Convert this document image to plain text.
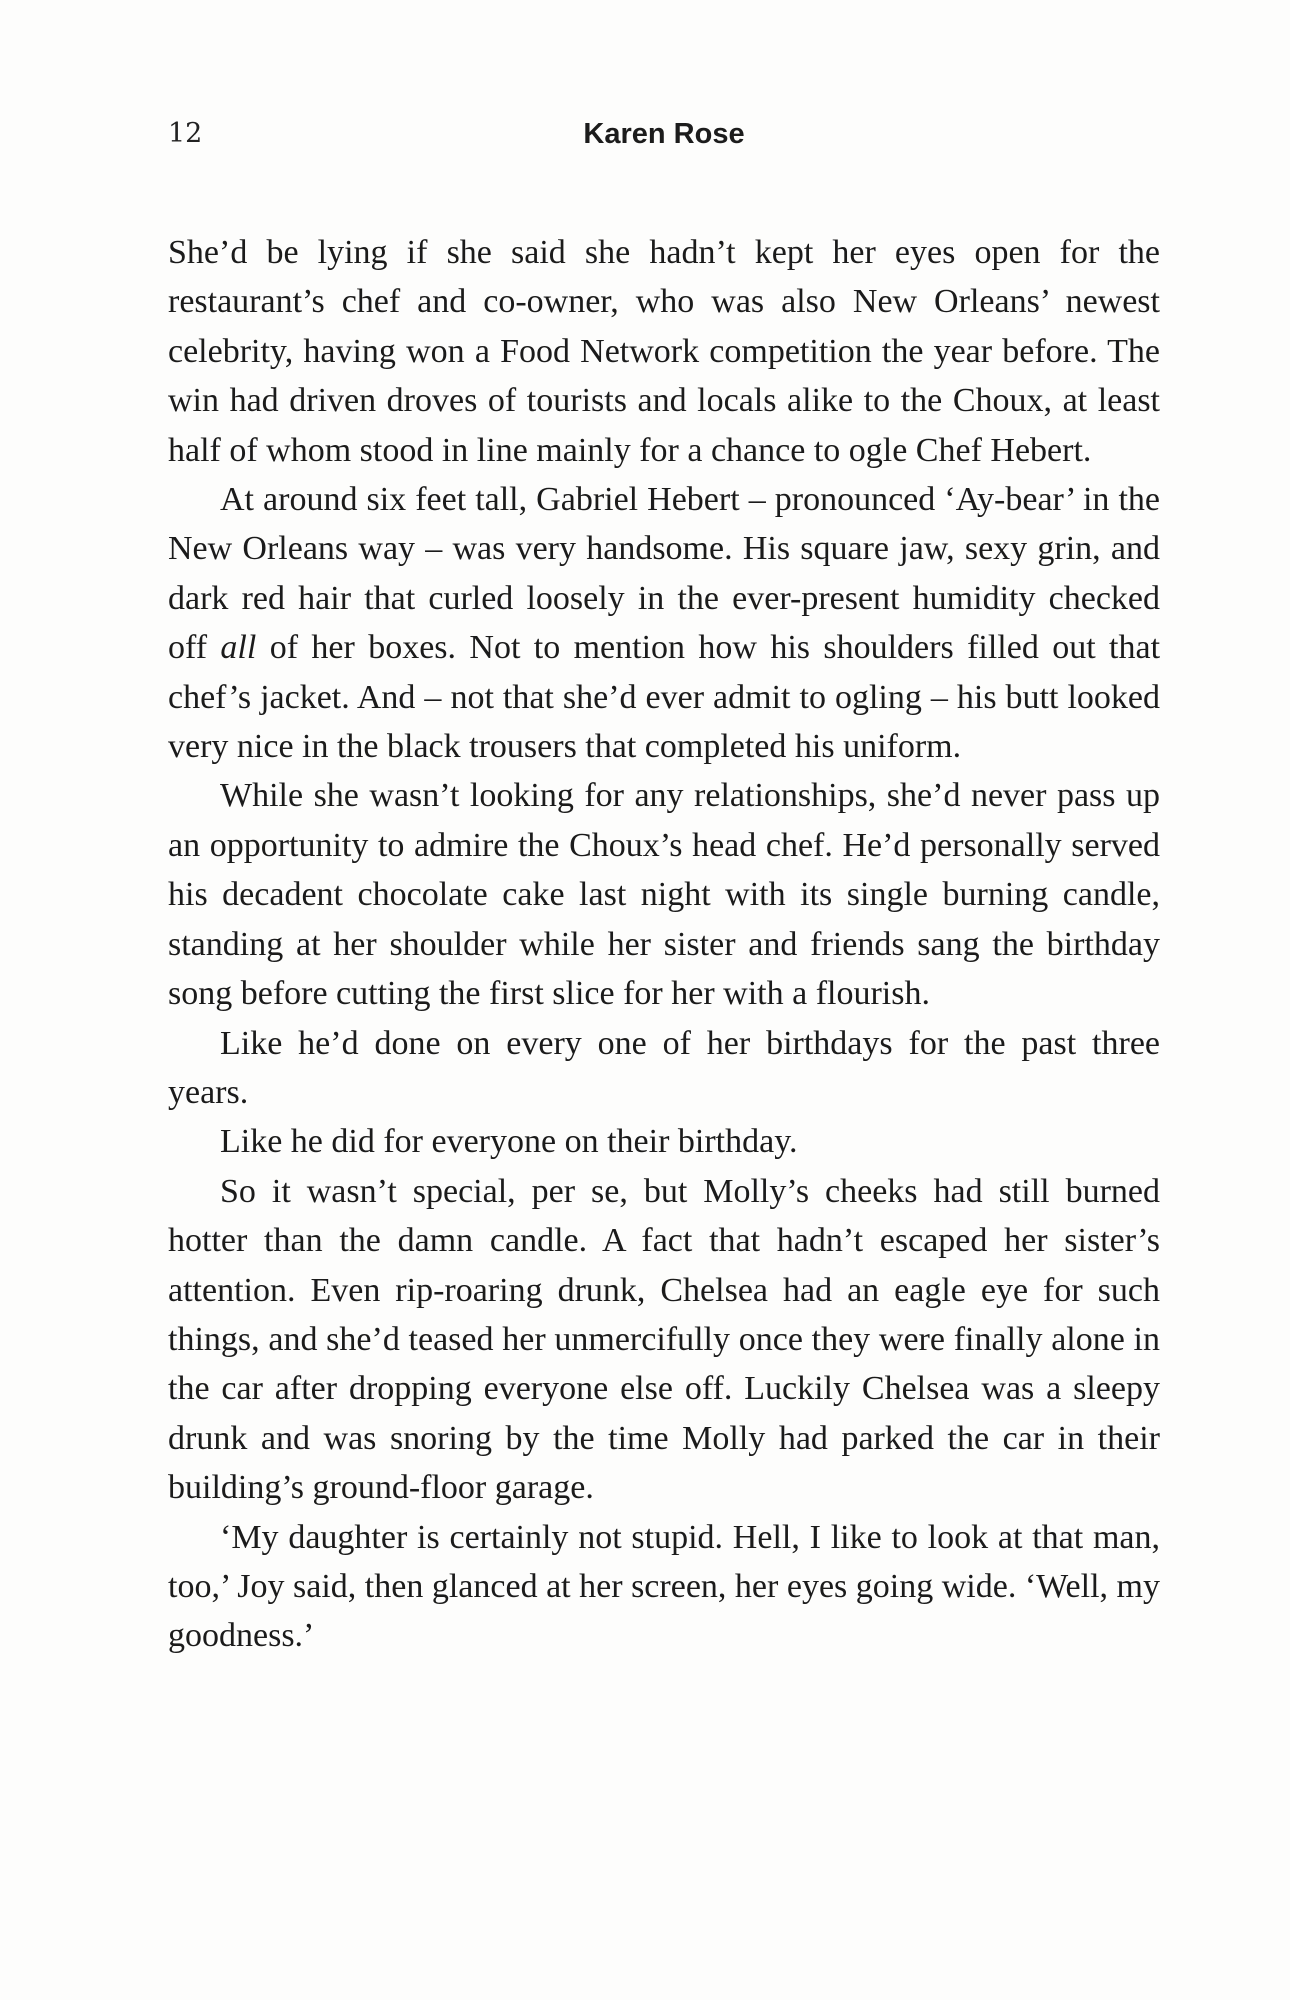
12	Karen Rose

She’d be lying if she said she hadn’t kept her eyes open for the restaurant’s chef and co-owner, who was also New Orleans’ newest celebrity, having won a Food Network competition the year before. The win had driven droves of tourists and locals alike to the Choux, at least half of whom stood in line mainly for a chance to ogle Chef Hebert.

At around six feet tall, Gabriel Hebert – pronounced ‘Ay-bear’ in the New Orleans way – was very handsome. His square jaw, sexy grin, and dark red hair that curled loosely in the ever-present humidity checked off all of her boxes. Not to mention how his shoulders filled out that chef’s jacket. And – not that she’d ever admit to ogling – his butt looked very nice in the black trousers that completed his uniform.

While she wasn’t looking for any relationships, she’d never pass up an opportunity to admire the Choux’s head chef. He’d personally served his decadent chocolate cake last night with its single burning candle, standing at her shoulder while her sister and friends sang the birthday song before cutting the first slice for her with a flourish.

Like he’d done on every one of her birthdays for the past three years.

Like he did for everyone on their birthday.

So it wasn’t special, per se, but Molly’s cheeks had still burned hotter than the damn candle. A fact that hadn’t escaped her sister’s attention. Even rip-roaring drunk, Chelsea had an eagle eye for such things, and she’d teased her unmercifully once they were finally alone in the car after dropping everyone else off. Luckily Chelsea was a sleepy drunk and was snoring by the time Molly had parked the car in their building’s ground-floor garage.

‘My daughter is certainly not stupid. Hell, I like to look at that man, too,’ Joy said, then glanced at her screen, her eyes going wide. ‘Well, my goodness.’
